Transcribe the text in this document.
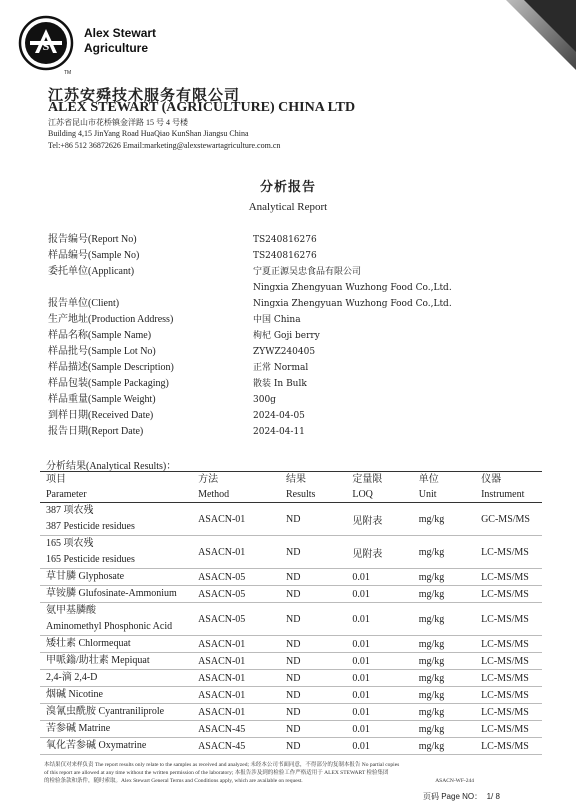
S
Alex Stewart
Agriculture
TM
江苏安舜技术服务有限公司
ALEX STEWART (AGRICULTURE) CHINA LTD
江苏省昆山市花桥镇金洋路 15 号 4 号楼
Building 4,15 JinYang Road HuaQiao KunShan Jiangsu China
Tel:+86 512 36872626 Email:marketing@alexstewartagriculture.com.cn
分析报告
Analytical Report
报告编号(Report No)	TS240816276
样品编号(Sample No)	TS240816276
委托单位(Applicant)	宁夏正源吴忠食品有限公司
Ningxia Zhengyuan Wuzhong Food Co.,Ltd.
报告单位(Client)	Ningxia Zhengyuan Wuzhong Food Co.,Ltd.
生产地址(Production Address)	中国 China
样品名称(Sample Name)	枸杞 Goji berry
样品批号(Sample Lot No)	ZYWZ240405
样品描述(Sample Description)	正常 Normal
样品包装(Sample Packaging)	散装 In Bulk
样品重量(Sample Weight)	300g
到样日期(Received Date)	2024-04-05
报告日期(Report Date)	2024-04-11
分析结果(Analytical Results)：
项目	方法	结果	定量限	单位	仪器
Parameter	Method	Results	LOQ	Unit	Instrument

387 项农残
387 Pesticide residues	ASACN-01	ND	见附表	mg/kg	GC-MS/MS

165 项农残
165 Pesticide residues	ASACN-01	ND	见附表	mg/kg	LC-MS/MS

草甘膦 Glyphosate	ASACN-05	ND	0.01	mg/kg	LC-MS/MS

草铵膦 Glufosinate-Ammonium	ASACN-05	ND	0.01	mg/kg	LC-MS/MS

氨甲基膦酸
Aminomethyl Phosphonic Acid	ASACN-05	ND	0.01	mg/kg	LC-MS/MS

矮壮素 Chlormequat	ASACN-01	ND	0.01	mg/kg	LC-MS/MS

甲哌鎓/助壮素 Mepiquat	ASACN-01	ND	0.01	mg/kg	LC-MS/MS

2,4-滴 2,4-D	ASACN-01	ND	0.01	mg/kg	LC-MS/MS

烟碱 Nicotine	ASACN-01	ND	0.01	mg/kg	LC-MS/MS

溴氰虫酰胺 Cyantraniliprole	ASACN-01	ND	0.01	mg/kg	LC-MS/MS

苦参碱 Matrine	ASACN-45	ND	0.01	mg/kg	LC-MS/MS

氧化苦参碱 Oxymatrine	ASACN-45	ND	0.01	mg/kg	LC-MS/MS
本结果仅对来样负责 The report results only relate to the samples as received and analyzed; 未经本公司书面同意，不得部分的复制本报告 No partial copies
of this report are allowed at any time without the written permission of the laboratory; 本报告涉及到的检验工作严格适用于 ALEX STEWART 检验集团
的检验条款和条件，随时索取。Alex Stewart General Terms and Conditions apply, which are available on request.	ASACN-WF-244
页码 Page NO： 1/ 8
